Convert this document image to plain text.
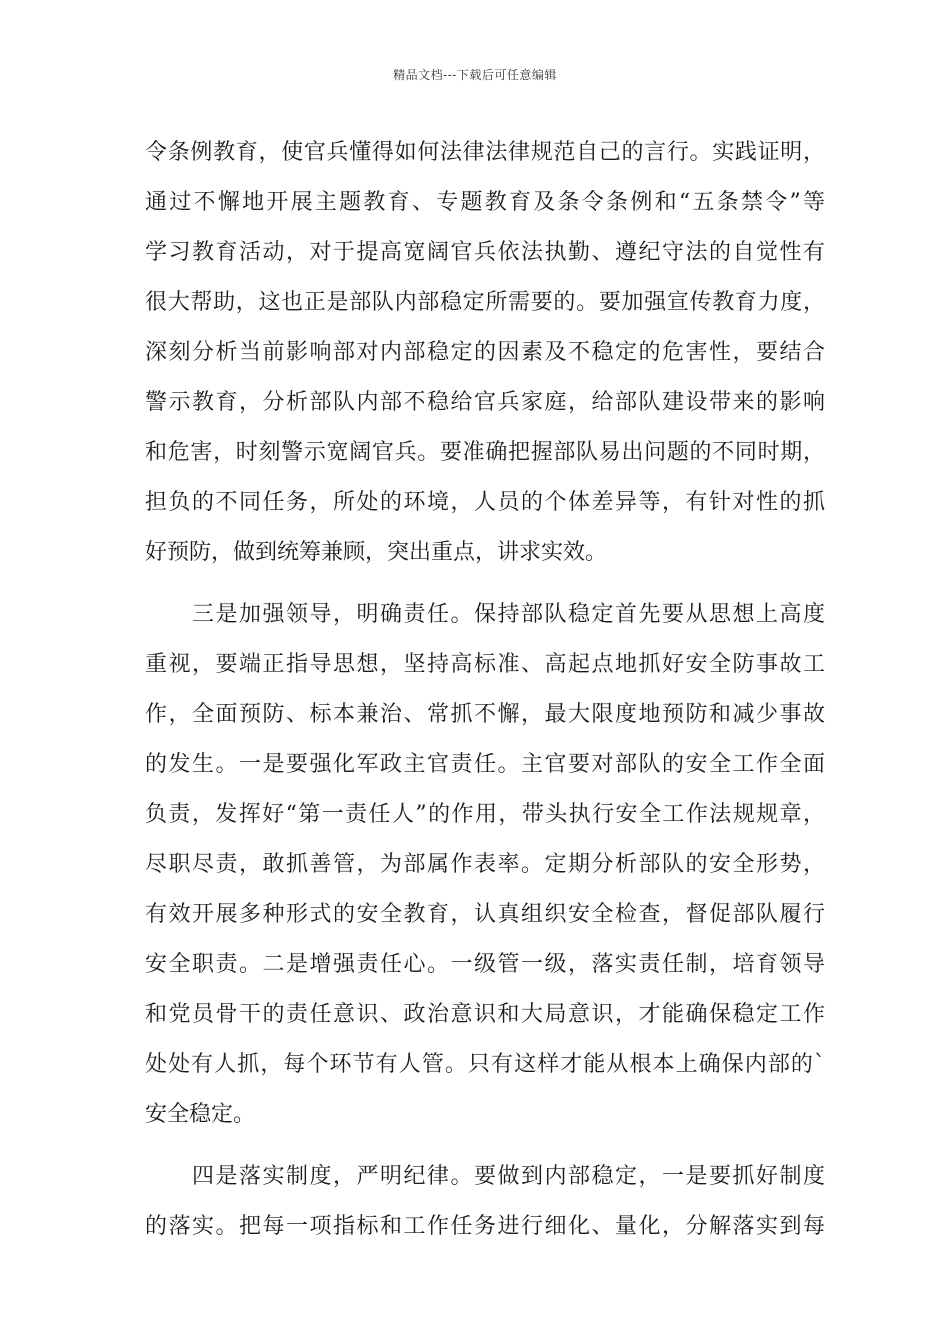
精品文档---下载后可任意编辑
令条例教育，使官兵懂得如何法律法律规范自己的言行。实践证明，
通过不懈地开展主题教育、专题教育及条令条例和“五条禁令”等
学习教育活动，对于提高宽阔官兵依法执勤、遵纪守法的自觉性有
很大帮助，这也正是部队内部稳定所需要的。要加强宣传教育力度，
深刻分析当前影响部对内部稳定的因素及不稳定的危害性，要结合
警示教育，分析部队内部不稳给官兵家庭，给部队建设带来的影响
和危害，时刻警示宽阔官兵。要准确把握部队易出问题的不同时期，
担负的不同任务，所处的环境，人员的个体差异等，有针对性的抓
好预防，做到统筹兼顾，突出重点，讲求实效。
　　三是加强领导，明确责任。保持部队稳定首先要从思想上高度
重视，要端正指导思想，坚持高标准、高起点地抓好安全防事故工
作，全面预防、标本兼治、常抓不懈，最大限度地预防和减少事故
的发生。一是要强化军政主官责任。主官要对部队的安全工作全面
负责，发挥好“第一责任人”的作用，带头执行安全工作法规规章，
尽职尽责，敢抓善管，为部属作表率。定期分析部队的安全形势，
有效开展多种形式的安全教育，认真组织安全检查，督促部队履行
安全职责。二是增强责任心。一级管一级，落实责任制，培育领导
和党员骨干的责任意识、政治意识和大局意识，才能确保稳定工作
处处有人抓，每个环节有人管。只有这样才能从根本上确保内部的`
安全稳定。
　　四是落实制度，严明纪律。要做到内部稳定，一是要抓好制度
的落实。把每一项指标和工作任务进行细化、量化，分解落实到每
